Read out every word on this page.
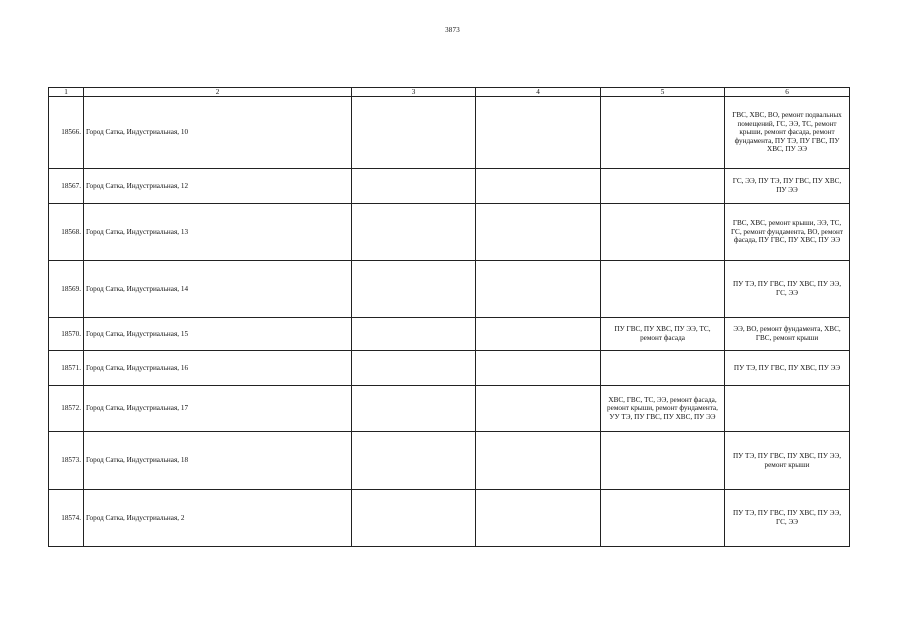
3873
1	2	3	4	5	6
18566.	Город Сатка, Индустриальная, 10				ГВС, ХВС, ВО, ремонт подвальных помещений, ГС, ЭЭ, ТС, ремонт крыши, ремонт фасада, ремонт фундамента, ПУ ТЭ, ПУ ГВС, ПУ ХВС, ПУ ЭЭ
18567.	Город Сатка, Индустриальная, 12				ГС, ЭЭ, ПУ ТЭ, ПУ ГВС, ПУ ХВС, ПУ ЭЭ
18568.	Город Сатка, Индустриальная, 13				ГВС, ХВС, ремонт крыши, ЭЭ, ТС, ГС, ремонт фундамента, ВО, ремонт фасада, ПУ ГВС, ПУ ХВС, ПУ ЭЭ
18569.	Город Сатка, Индустриальная, 14				ПУ ТЭ, ПУ ГВС, ПУ ХВС, ПУ ЭЭ, ГС, ЭЭ
18570.	Город Сатка, Индустриальная, 15			ПУ ГВС, ПУ ХВС, ПУ ЭЭ, ТС, ремонт фасада	ЭЭ, ВО, ремонт фундамента, ХВС, ГВС, ремонт крыши
18571.	Город Сатка, Индустриальная, 16				ПУ ТЭ, ПУ ГВС, ПУ ХВС, ПУ ЭЭ
18572.	Город Сатка, Индустриальная, 17			ХВС, ГВС, ТС, ЭЭ, ремонт фасада, ремонт крыши, ремонт фундамента, УУ ТЭ, ПУ ГВС, ПУ ХВС, ПУ ЭЭ	
18573.	Город Сатка, Индустриальная, 18				ПУ ТЭ, ПУ ГВС, ПУ ХВС, ПУ ЭЭ, ремонт крыши
18574.	Город Сатка, Индустриальная, 2				ПУ ТЭ, ПУ ГВС, ПУ ХВС, ПУ ЭЭ, ГС, ЭЭ
